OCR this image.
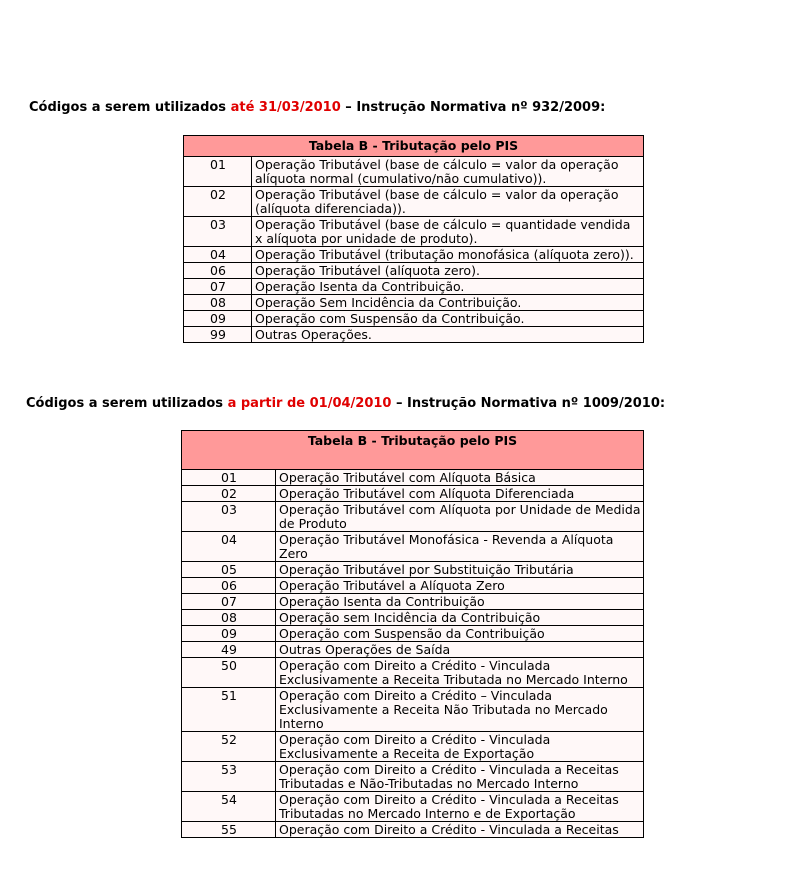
Códigos a serem utilizados até 31/03/2010 – Instrução Normativa nº 932/2009:
Tabela B - Tributação pelo PIS	
01	Operação Tributável (base de cálculo = valor da operação alíquota normal (cumulativo/não cumulativo)).
02	Operação Tributável (base de cálculo = valor da operação (alíquota diferenciada)).
03	Operação Tributável (base de cálculo = quantidade vendida x alíquota por unidade de produto).
04	Operação Tributável (tributação monofásica (alíquota zero)).
06	Operação Tributável (alíquota zero).
07	Operação Isenta da Contribuição.
08	Operação Sem Incidência da Contribuição.
09	Operação com Suspensão da Contribuição.
99	Outras Operações.
Códigos a serem utilizados a partir de 01/04/2010 – Instrução Normativa nº 1009/2010:
Tabela B - Tributação pelo PIS	
01	Operação Tributável com Alíquota Básica
02	Operação Tributável com Alíquota Diferenciada
03	Operação Tributável com Alíquota por Unidade de Medida de Produto
04	Operação Tributável Monofásica - Revenda a Alíquota Zero
05	Operação Tributável por Substituição Tributária
06	Operação Tributável a Alíquota Zero
07	Operação Isenta da Contribuição
08	Operação sem Incidência da Contribuição
09	Operação com Suspensão da Contribuição
49	Outras Operações de Saída
50	Operação com Direito a Crédito - Vinculada Exclusivamente a Receita Tributada no Mercado Interno
51	Operação com Direito a Crédito – Vinculada Exclusivamente a Receita Não Tributada no Mercado Interno
52	Operação com Direito a Crédito - Vinculada Exclusivamente a Receita de Exportação
53	Operação com Direito a Crédito - Vinculada a Receitas Tributadas e Não-Tributadas no Mercado Interno
54	Operação com Direito a Crédito - Vinculada a Receitas Tributadas no Mercado Interno e de Exportação
55	Operação com Direito a Crédito - Vinculada a Receitas
